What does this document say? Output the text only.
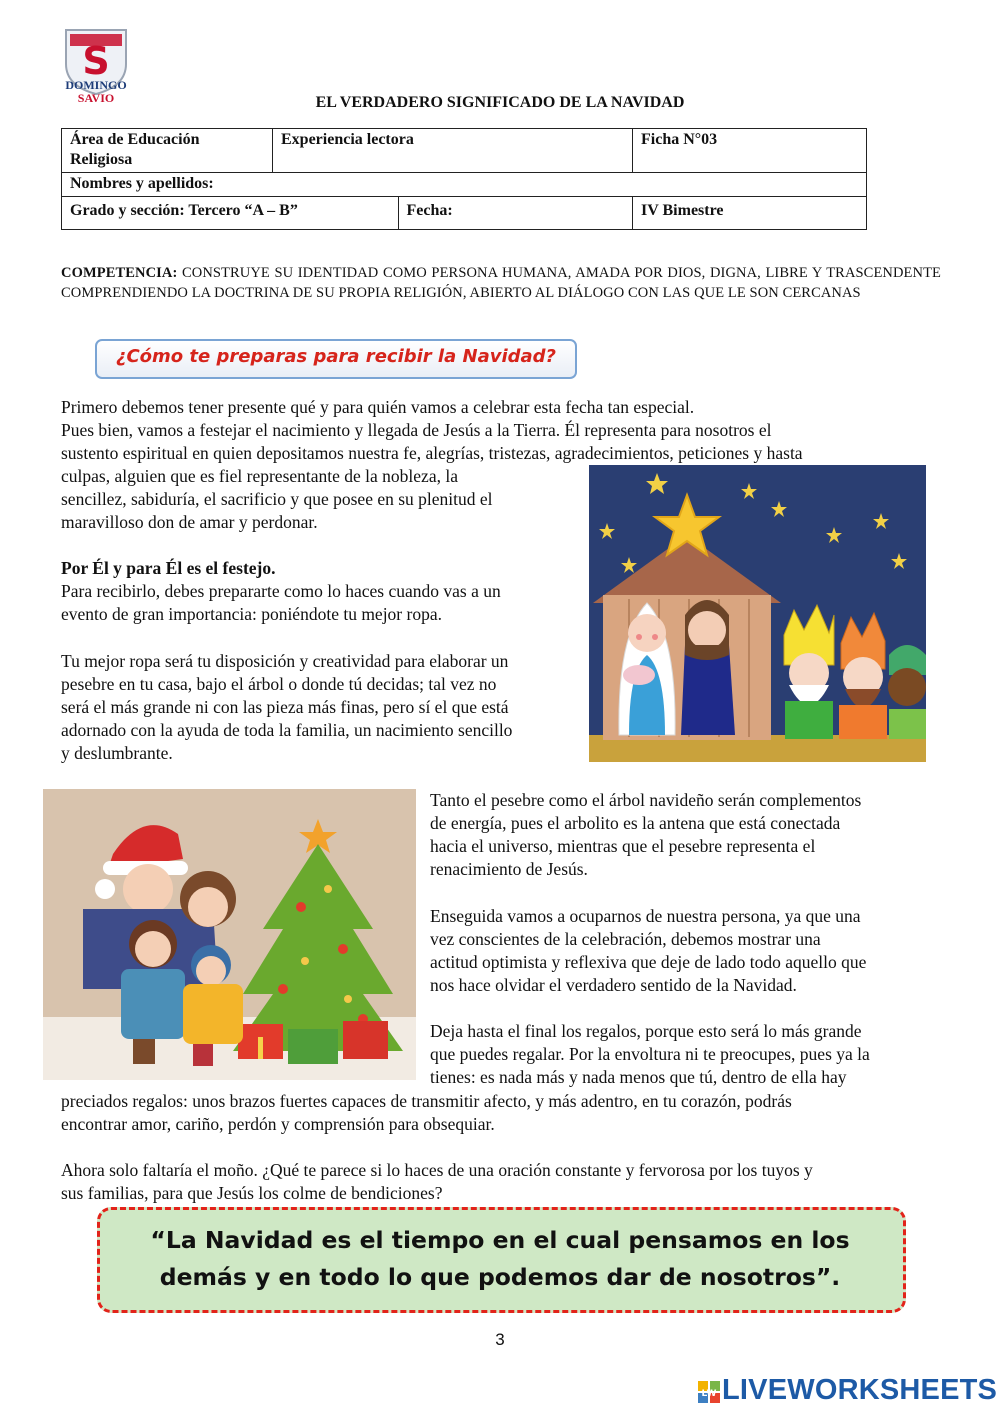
S
DOMINGO
SAVIO	EL VERDADERO SIGNIFICADO DE LA NAVIDAD
Área de Educación
Religiosa	Experiencia lectora		Ficha N°03
Nombres y apellidos:			
Grado y sección: Tercero “A – B”		Fecha:	IV Bimestre
COMPETENCIA: CONSTRUYE SU IDENTIDAD COMO PERSONA HUMANA, AMADA POR DIOS, DIGNA, LIBRE Y TRASCENDENTE COMPRENDIENDO LA DOCTRINA DE SU PROPIA RELIGIÓN, ABIERTO AL DIÁLOGO CON LAS QUE LE SON CERCANAS
¿Cómo te preparas para recibir la Navidad?
Primero debemos tener presente qué y para quién vamos a celebrar esta fecha tan especial.
Pues bien, vamos a festejar el nacimiento y llegada de Jesús a la Tierra. Él representa para nosotros el
sustento espiritual en quien depositamos nuestra fe, alegrías, tristezas, agradecimientos, peticiones y hasta
culpas, alguien que es fiel representante de la nobleza, la
sencillez, sabiduría, el sacrificio y que posee en su plenitud el
maravilloso don de amar y perdonar.
Por Él y para Él es el festejo.
Para recibirlo, debes prepararte como lo haces cuando vas a un
evento de gran importancia: poniéndote tu mejor ropa.
Tu mejor ropa será tu disposición y creatividad para elaborar un
pesebre en tu casa, bajo el árbol o donde tú decidas; tal vez no
será el más grande ni con las pieza más finas, pero sí el que está
adornado con la ayuda de toda la familia, un nacimiento sencillo
y deslumbrante.
Tanto el pesebre como el árbol navideño serán complementos
de energía, pues el arbolito es la antena que está conectada
hacia el universo, mientras que el pesebre representa el
renacimiento de Jesús.
Enseguida vamos a ocuparnos de nuestra persona, ya que una
vez conscientes de la celebración, debemos mostrar una
actitud optimista y reflexiva que deje de lado todo aquello que
nos hace olvidar el verdadero sentido de la Navidad.
Deja hasta el final los regalos, porque esto será lo más grande
que puedes regalar. Por la envoltura ni te preocupes, pues ya la
tienes: es nada más y nada menos que tú, dentro de ella hay
preciados regalos: unos brazos fuertes capaces de transmitir afecto, y más adentro, en tu corazón, podrás
encontrar amor, cariño, perdón y comprensión para obsequiar.
Ahora solo faltaría el moño. ¿Qué te parece si lo haces de una oración constante y fervorosa por los tuyos y
sus familias, para que Jesús los colme de bendiciones?
“La Navidad es el tiempo en el cual pensamos en los
demás y en todo lo que podemos dar de nosotros”.
3
LW LIVEWORKSHEETS
